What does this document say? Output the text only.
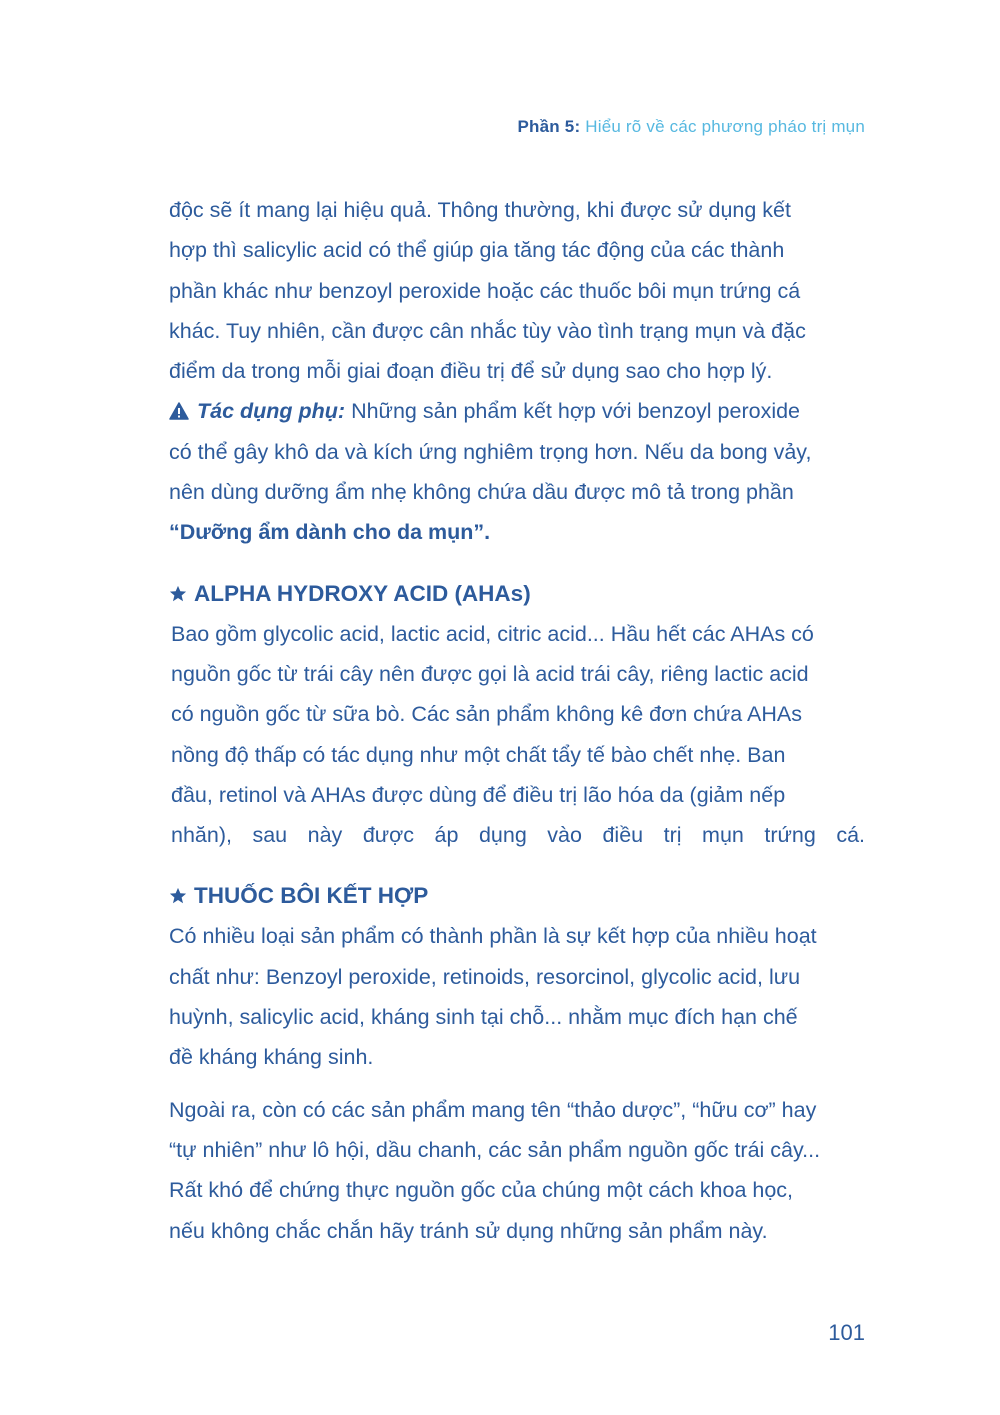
Phần 5: Hiểu rõ về các phương pháo trị mụn
độc sẽ ít mang lại hiệu quả. Thông thường, khi được sử dụng kết
hợp thì salicylic acid có thể giúp gia tăng tác động của các thành
phần khác như benzoyl peroxide hoặc các thuốc bôi mụn trứng cá
khác. Tuy nhiên, cần được cân nhắc tùy vào tình trạng mụn và đặc
điểm da trong mỗi giai đoạn điều trị để sử dụng sao cho hợp lý.
Tác dụng phụ: Những sản phẩm kết hợp với benzoyl peroxide
có thể gây khô da và kích ứng nghiêm trọng hơn. Nếu da bong vảy,
nên dùng dưỡng ẩm nhẹ không chứa dầu được mô tả trong phần
“Dưỡng ẩm dành cho da mụn”.
ALPHA HYDROXY ACID (AHAs)
Bao gồm glycolic acid, lactic acid, citric acid... Hầu hết các AHAs có
nguồn gốc từ trái cây nên được gọi là acid trái cây, riêng lactic acid
có nguồn gốc từ sữa bò. Các sản phẩm không kê đơn chứa AHAs
nồng độ thấp có tác dụng như một chất tẩy tế bào chết nhẹ. Ban
đầu, retinol và AHAs được dùng để điều trị lão hóa da (giảm nếp
nhăn), sau này được áp dụng vào điều trị mụn trứng cá.
THUỐC BÔI KẾT HỢP
Có nhiều loại sản phẩm có thành phần là sự kết hợp của nhiều hoạt
chất như: Benzoyl peroxide, retinoids, resorcinol, glycolic acid, lưu
huỳnh, salicylic acid, kháng sinh tại chỗ... nhằm mục đích hạn chế
đề kháng kháng sinh.
Ngoài ra, còn có các sản phẩm mang tên “thảo dược”, “hữu cơ” hay
“tự nhiên” như lô hội, dầu chanh, các sản phẩm nguồn gốc trái cây...
Rất khó để chứng thực nguồn gốc của chúng một cách khoa học,
nếu không chắc chắn hãy tránh sử dụng những sản phẩm này.
101
